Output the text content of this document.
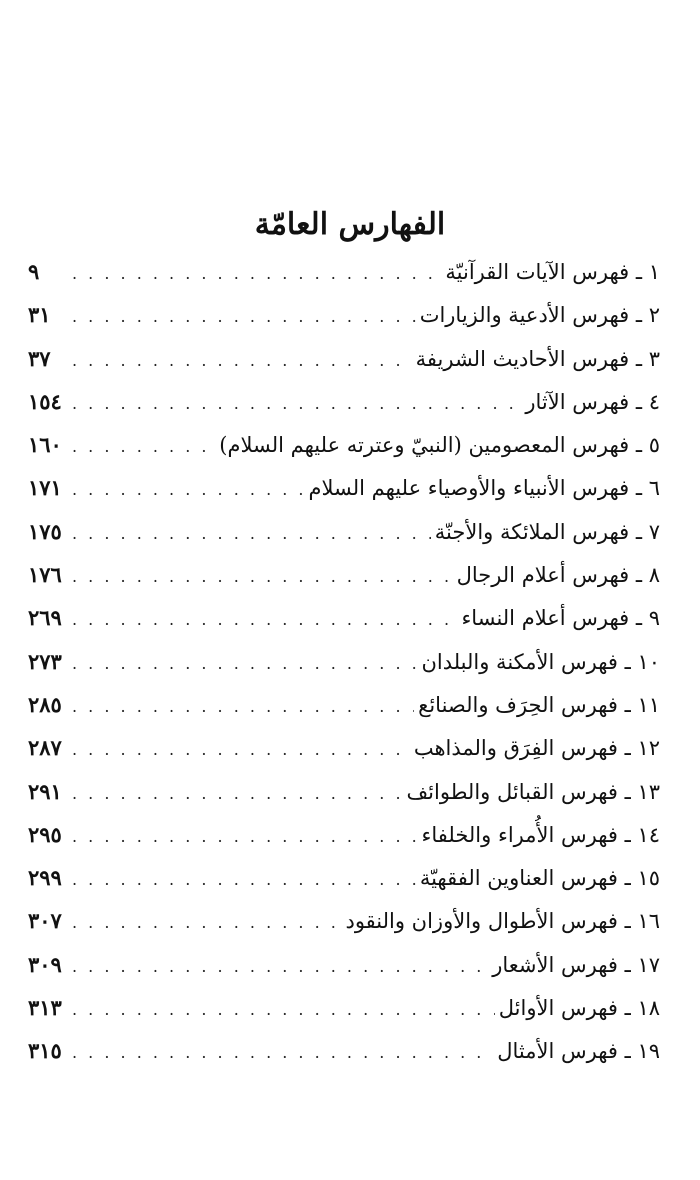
الفهارس العامّة
١ ـ فهرس الآيات القرآنيّة
. . .
٩
٢ ـ فهرس الأدعية والزيارات
. . .
٣١
٣ ـ فهرس الأحاديث الشريفة
. . .
٣٧
٤ ـ فهرس الآثار
. . .
١٥٤
٥ ـ فهرس المعصومين (النبيّ وعترته عليهم السلام)
. . .
١٦٠
٦ ـ فهرس الأنبياء والأوصياء عليهم السلام
. . .
١٧١
٧ ـ فهرس الملائكة والأجنّة
. . .
١٧٥
٨ ـ فهرس أعلام الرجال
. . .
١٧٦
٩ ـ فهرس أعلام النساء
. . .
٢٦٩
١٠ ـ فهرس الأمكنة والبلدان
. . .
٢٧٣
١١ ـ فهرس الحِرَف والصنائع
. . .
٢٨٥
١٢ ـ فهرس الفِرَق والمذاهب
. . .
٢٨٧
١٣ ـ فهرس القبائل والطوائف
. . .
٢٩١
١٤ ـ فهرس الأُمراء والخلفاء
. . .
٢٩٥
١٥ ـ فهرس العناوين الفقهيّة
. . .
٢٩٩
١٦ ـ فهرس الأطوال والأوزان والنقود
. . .
٣٠٧
١٧ ـ فهرس الأشعار
. . .
٣٠٩
١٨ ـ فهرس الأوائل
. . .
٣١٣
١٩ ـ فهرس الأمثال
. . .
٣١٥
